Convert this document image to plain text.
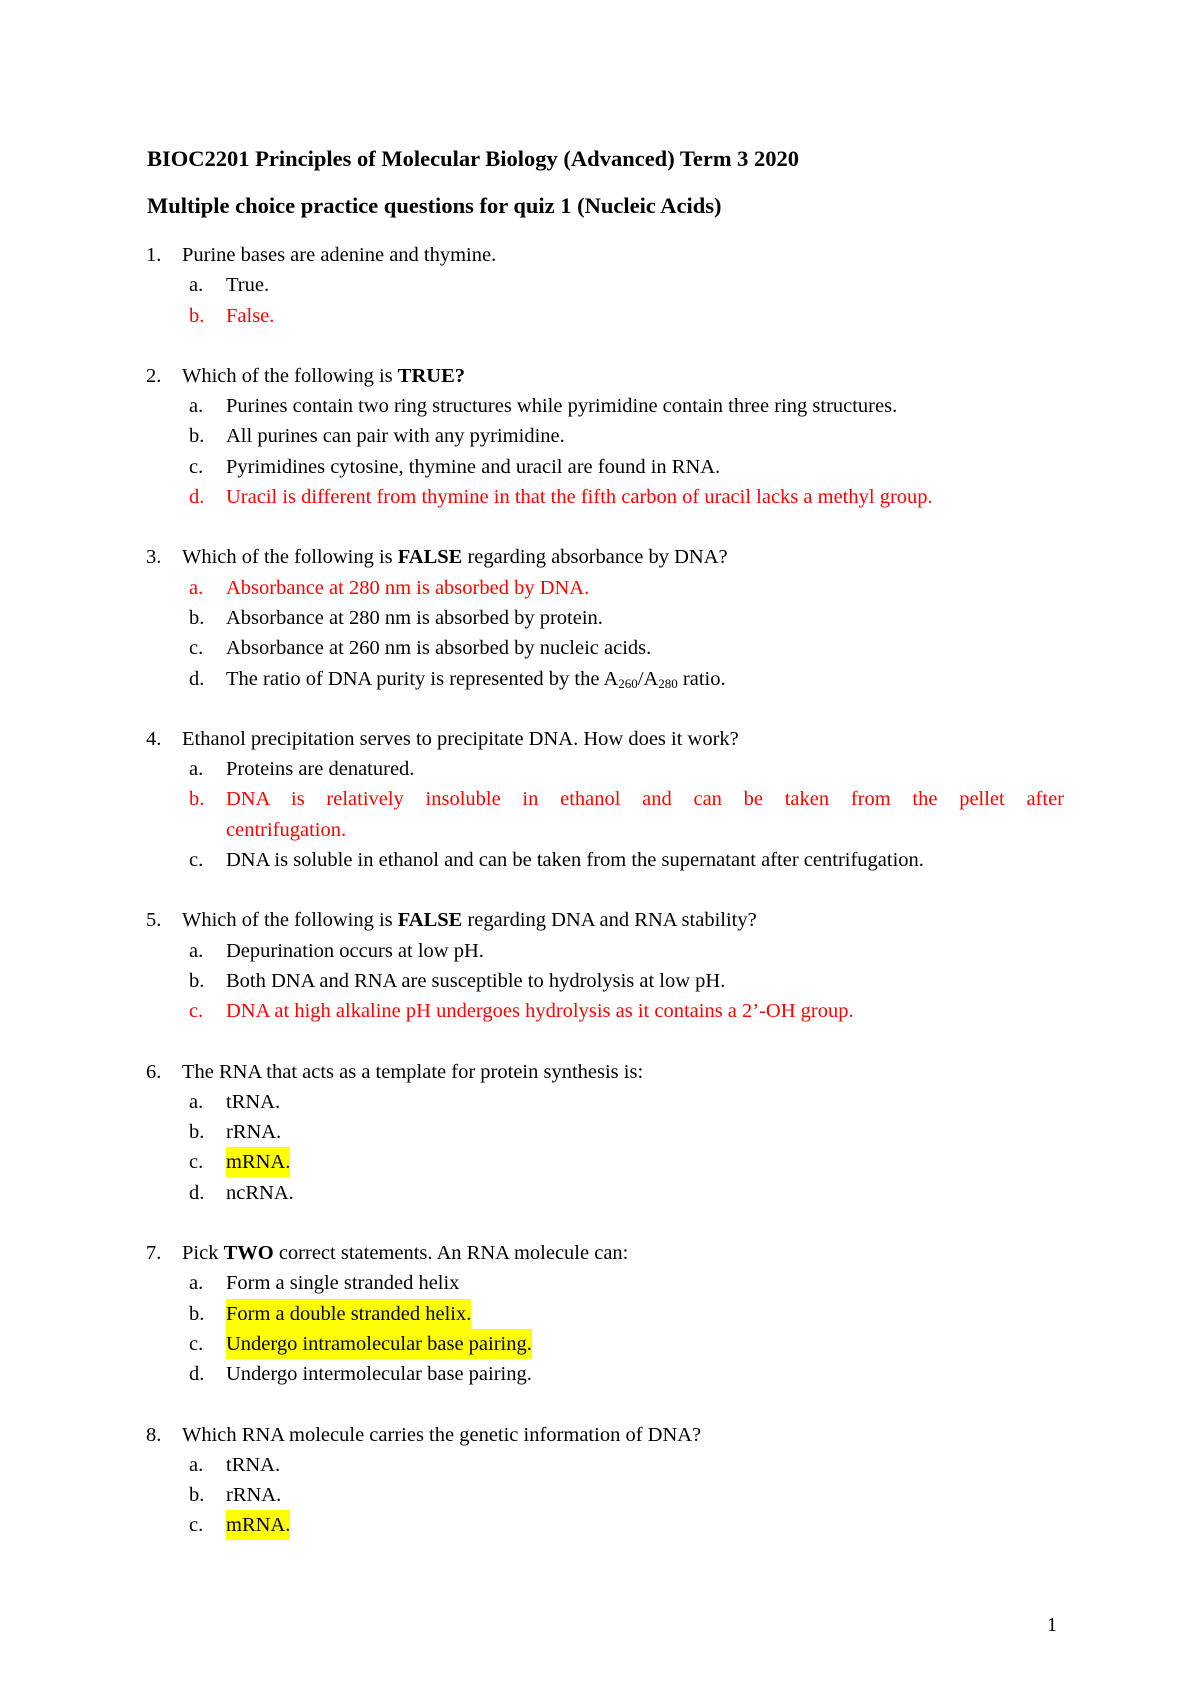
BIOC2201 Principles of Molecular Biology (Advanced) Term 3 2020
Multiple choice practice questions for quiz 1 (Nucleic Acids)
1. Purine bases are adenine and thymine.
a. True.
b. False.
2. Which of the following is TRUE?
a. Purines contain two ring structures while pyrimidine contain three ring structures.
b. All purines can pair with any pyrimidine.
c. Pyrimidines cytosine, thymine and uracil are found in RNA.
d. Uracil is different from thymine in that the fifth carbon of uracil lacks a methyl group.
3. Which of the following is FALSE regarding absorbance by DNA?
a. Absorbance at 280 nm is absorbed by DNA.
b. Absorbance at 280 nm is absorbed by protein.
c. Absorbance at 260 nm is absorbed by nucleic acids.
d. The ratio of DNA purity is represented by the $A_{260}/A_{280}$ ratio.
4. Ethanol precipitation serves to precipitate DNA. How does it work?
a. Proteins are denatured.
b. DNA is relatively insoluble in ethanol and can be taken from the pellet after
centrifugation.
c. DNA is soluble in ethanol and can be taken from the supernatant after centrifugation.
5. Which of the following is FALSE regarding DNA and RNA stability?
a. Depurination occurs at low pH.
b. Both DNA and RNA are susceptible to hydrolysis at low pH.
c. DNA at high alkaline pH undergoes hydrolysis as it contains a 2’-OH group.
6. The RNA that acts as a template for protein synthesis is:
a. tRNA.
b. rRNA.
c. mRNA.
d. ncRNA.
7. Pick TWO correct statements. An RNA molecule can:
a. Form a single stranded helix
b. Form a double stranded helix.
c. Undergo intramolecular base pairing.
d. Undergo intermolecular base pairing.
8. Which RNA molecule carries the genetic information of DNA?
a. tRNA.
b. rRNA.
c. mRNA.
1
